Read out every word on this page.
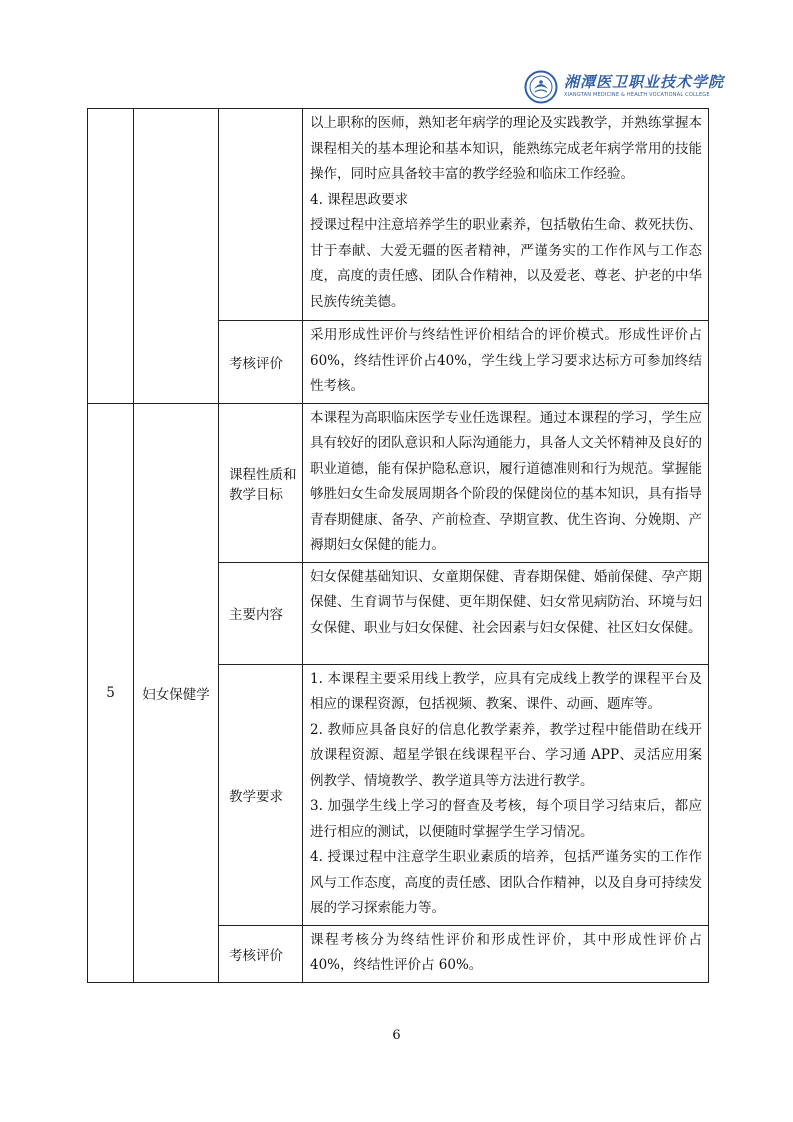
湘潭医卫职业技术学院
XIANGTAN MEDICINE & HEALTH VOCATIONAL COLLEGE

			以上职称的医师，熟知老年病学的理论及实践教学，并熟练掌握本课程相关的基本理论和基本知识，能熟练完成老年病学常用的技能操作，同时应具备较丰富的教学经验和临床工作经验。

4. 课程思政要求

授课过程中注意培养学生的职业素养，包括敬佑生命、救死扶伤、甘于奉献、大爱无疆的医者精神，严谨务实的工作作风与工作态度，高度的责任感、团队合作精神，以及爱老、尊老、护老的中华民族传统美德。

		考核评价	采用形成性评价与终结性评价相结合的评价模式。形成性评价占60%，终结性评价占40%，学生线上学习要求达标方可参加终结性考核。
5	妇女保健学	课程性质和教学目标	本课程为高职临床医学专业任选课程。通过本课程的学习，学生应具有较好的团队意识和人际沟通能力，具备人文关怀精神及良好的职业道德，能有保护隐私意识，履行道德准则和行为规范。掌握能够胜妇女生命发展周期各个阶段的保健岗位的基本知识，具有指导青春期健康、备孕、产前检查、孕期宣教、优生咨询、分娩期、产褥期妇女保健的能力。
		主要内容	妇女保健基础知识、女童期保健、青春期保健、婚前保健、孕产期保健、生育调节与保健、更年期保健、妇女常见病防治、环境与妇女保健、职业与妇女保健、社会因素与妇女保健、社区妇女保健。
		教学要求	1. 本课程主要采用线上教学，应具有完成线上教学的课程平台及相应的课程资源，包括视频、教案、课件、动画、题库等。

2. 教师应具备良好的信息化教学素养，教学过程中能借助在线开放课程资源、超星学银在线课程平台、学习通 APP、灵活应用案例教学、情境教学、教学道具等方法进行教学。

3. 加强学生线上学习的督查及考核，每个项目学习结束后，都应进行相应的测试，以便随时掌握学生学习情况。

4. 授课过程中注意学生职业素质的培养，包括严谨务实的工作作风与工作态度，高度的责任感、团队合作精神，以及自身可持续发展的学习探索能力等。

		考核评价	课程考核分为终结性评价和形成性评价，其中形成性评价占 40%，终结性评价占 60%。
6
